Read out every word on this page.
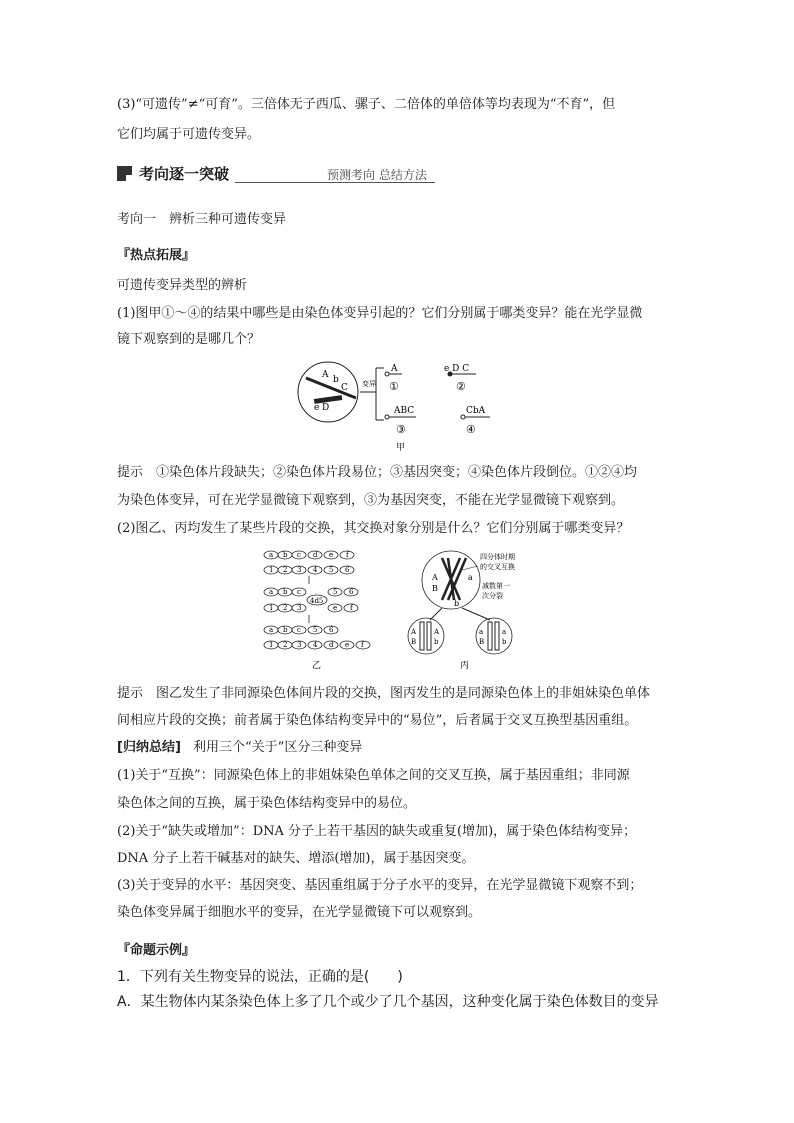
(3)“可遗传”≠“可育”。三倍体无子西瓜、骡子、二倍体的单倍体等均表现为“不育”，但
它们均属于可遗传变异。
考向逐一突破	预测考向 总结方法
考向一　辨析三种可遗传变异
『热点拓展』
可遗传变异类型的辨析
(1)图甲①～④的结果中哪些是由染色体变异引起的？它们分别属于哪类变异？能在光学显微
镜下观察到的是哪几个？
A b
C
e D
变异
A
①
e D C
②
ABC
③
CbA
④
甲
提示　①染色体片段缺失；②染色体片段易位；③基因突变；④染色体片段倒位。①②④均
为染色体变异，可在光学显微镜下观察到，③为基因突变，不能在光学显微镜下观察到。
(2)图乙、丙均发生了某些片段的交换，其交换对象分别是什么？它们分别属于哪类变异？
a b c d e f
1 2 3 4 5 6
a b c	5 6
4d5
1 2 3	e f
a b c 5 6
1 2 3 4 d e f
乙
A
B
a
b
四分体时期
的交叉互换
减数第一
次分裂
A
B
A
b
a
B
a
b
丙
提示　图乙发生了非同源染色体间片段的交换，图丙发生的是同源染色体上的非姐妹染色单体
间相应片段的交换；前者属于染色体结构变异中的“易位”，后者属于交叉互换型基因重组。
[归纳总结] 利用三个“关于”区分三种变异
(1)关于“互换”：同源染色体上的非姐妹染色单体之间的交叉互换，属于基因重组；非同源
染色体之间的互换，属于染色体结构变异中的易位。
(2)关于“缺失或增加”：DNA 分子上若干基因的缺失或重复(增加)，属于染色体结构变异；
DNA 分子上若干碱基对的缺失、增添(增加)，属于基因突变。
(3)关于变异的水平：基因突变、基因重组属于分子水平的变异，在光学显微镜下观察不到；
染色体变异属于细胞水平的变异，在光学显微镜下可以观察到。
『命题示例』
1．下列有关生物变异的说法，正确的是(　　)
A．某生物体内某条染色体上多了几个或少了几个基因，这种变化属于染色体数目的变异
